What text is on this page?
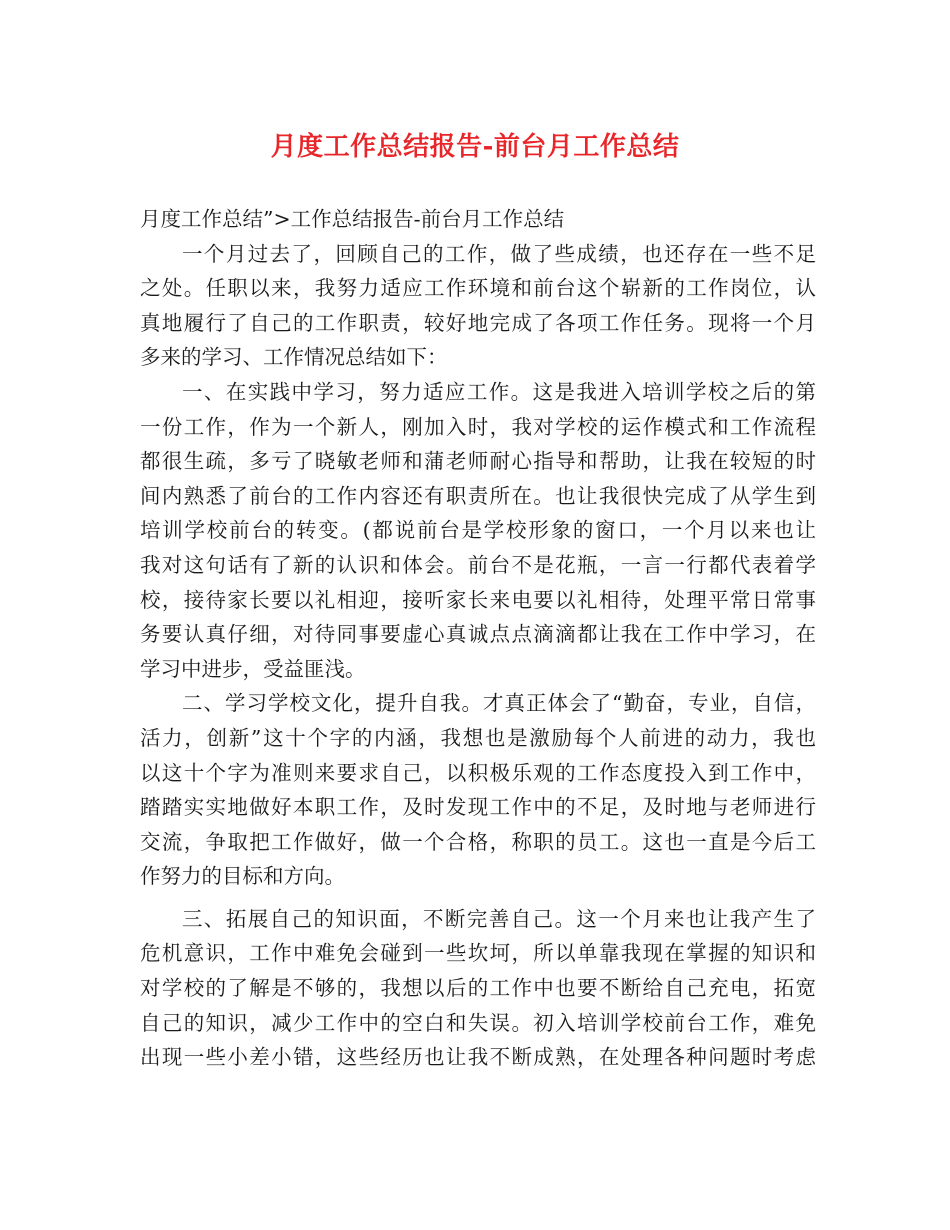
月度工作总结报告-前台月工作总结
月度工作总结”>工作总结报告-前台月工作总结
一个月过去了，回顾自己的工作，做了些成绩，也还存在一些不足
之处。任职以来，我努力适应工作环境和前台这个崭新的工作岗位，认
真地履行了自己的工作职责，较好地完成了各项工作任务。现将一个月
多来的学习、工作情况总结如下：
一、在实践中学习，努力适应工作。这是我进入培训学校之后的第
一份工作，作为一个新人，刚加入时，我对学校的运作模式和工作流程
都很生疏，多亏了晓敏老师和蒲老师耐心指导和帮助，让我在较短的时
间内熟悉了前台的工作内容还有职责所在。也让我很快完成了从学生到
培训学校前台的转变。(都说前台是学校形象的窗口，一个月以来也让
我对这句话有了新的认识和体会。前台不是花瓶，一言一行都代表着学
校，接待家长要以礼相迎，接听家长来电要以礼相待，处理平常日常事
务要认真仔细，对待同事要虚心真诚点点滴滴都让我在工作中学习，在
学习中进步，受益匪浅。
二、学习学校文化，提升自我。才真正体会了“勤奋，专业，自信，
活力，创新”这十个字的内涵，我想也是激励每个人前进的动力，我也
以这十个字为准则来要求自己，以积极乐观的工作态度投入到工作中，
踏踏实实地做好本职工作，及时发现工作中的不足，及时地与老师进行
交流，争取把工作做好，做一个合格，称职的员工。这也一直是今后工
作努力的目标和方向。
三、拓展自己的知识面，不断完善自己。这一个月来也让我产生了
危机意识，工作中难免会碰到一些坎坷，所以单靠我现在掌握的知识和
对学校的了解是不够的，我想以后的工作中也要不断给自己充电，拓宽
自己的知识，减少工作中的空白和失误。初入培训学校前台工作，难免
出现一些小差小错，这些经历也让我不断成熟，在处理各种问题时考虑
